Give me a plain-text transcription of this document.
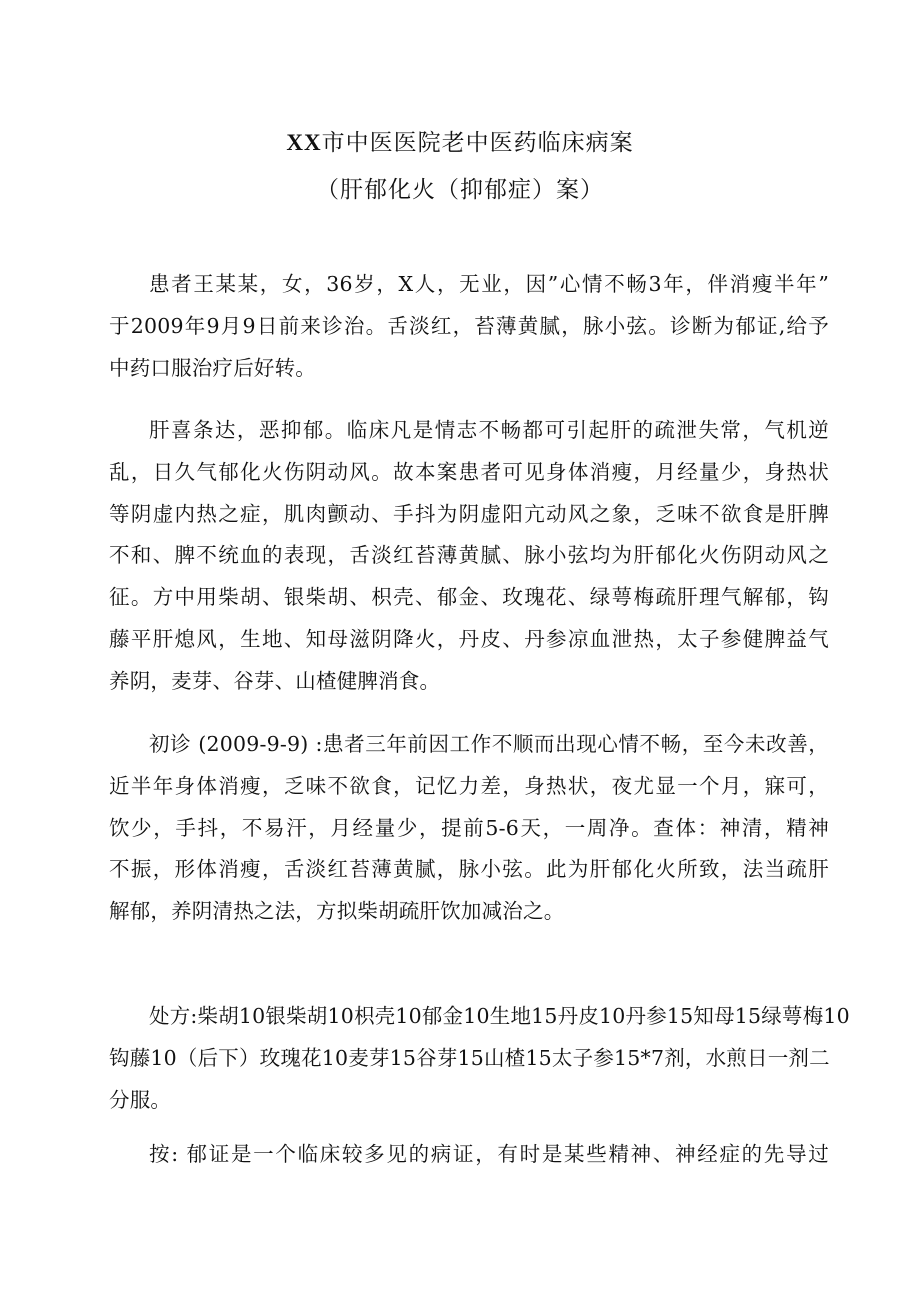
XX市中医医院老中医药临床病案
（肝郁化火（抑郁症）案）
患者王某某，女，36岁，X人，无业，因”心情不畅3年，伴消瘦半年”
于2009年9月9日前来诊治。舌淡红，苔薄黄腻，脉小弦。诊断为郁证,给予
中药口服治疗后好转。
肝喜条达，恶抑郁。临床凡是情志不畅都可引起肝的疏泄失常，气机逆
乱，日久气郁化火伤阴动风。故本案患者可见身体消瘦，月经量少，身热状
等阴虚内热之症，肌肉颤动、手抖为阴虚阳亢动风之象，乏味不欲食是肝脾
不和、脾不统血的表现，舌淡红苔薄黄腻、脉小弦均为肝郁化火伤阴动风之
征。方中用柴胡、银柴胡、枳壳、郁金、玫瑰花、绿萼梅疏肝理气解郁，钩
藤平肝熄风，生地、知母滋阴降火，丹皮、丹参凉血泄热，太子参健脾益气
养阴，麦芽、谷芽、山楂健脾消食。
初诊 (2009-9-9) :患者三年前因工作不顺而出现心情不畅，至今未改善，
近半年身体消瘦，乏味不欲食，记忆力差，身热状，夜尤显一个月，寐可，
饮少，手抖，不易汗，月经量少，提前5-6天，一周净。查体：神清，精神
不振，形体消瘦，舌淡红苔薄黄腻，脉小弦。此为肝郁化火所致，法当疏肝
解郁，养阴清热之法，方拟柴胡疏肝饮加减治之。
处方:柴胡10银柴胡10枳壳10郁金10生地15丹皮10丹参15知母15绿萼梅10
钩藤10（后下）玫瑰花10麦芽15谷芽15山楂15太子参15*7剂，水煎日一剂二
分服。
按: 郁证是一个临床较多见的病证，有时是某些精神、神经症的先导过
